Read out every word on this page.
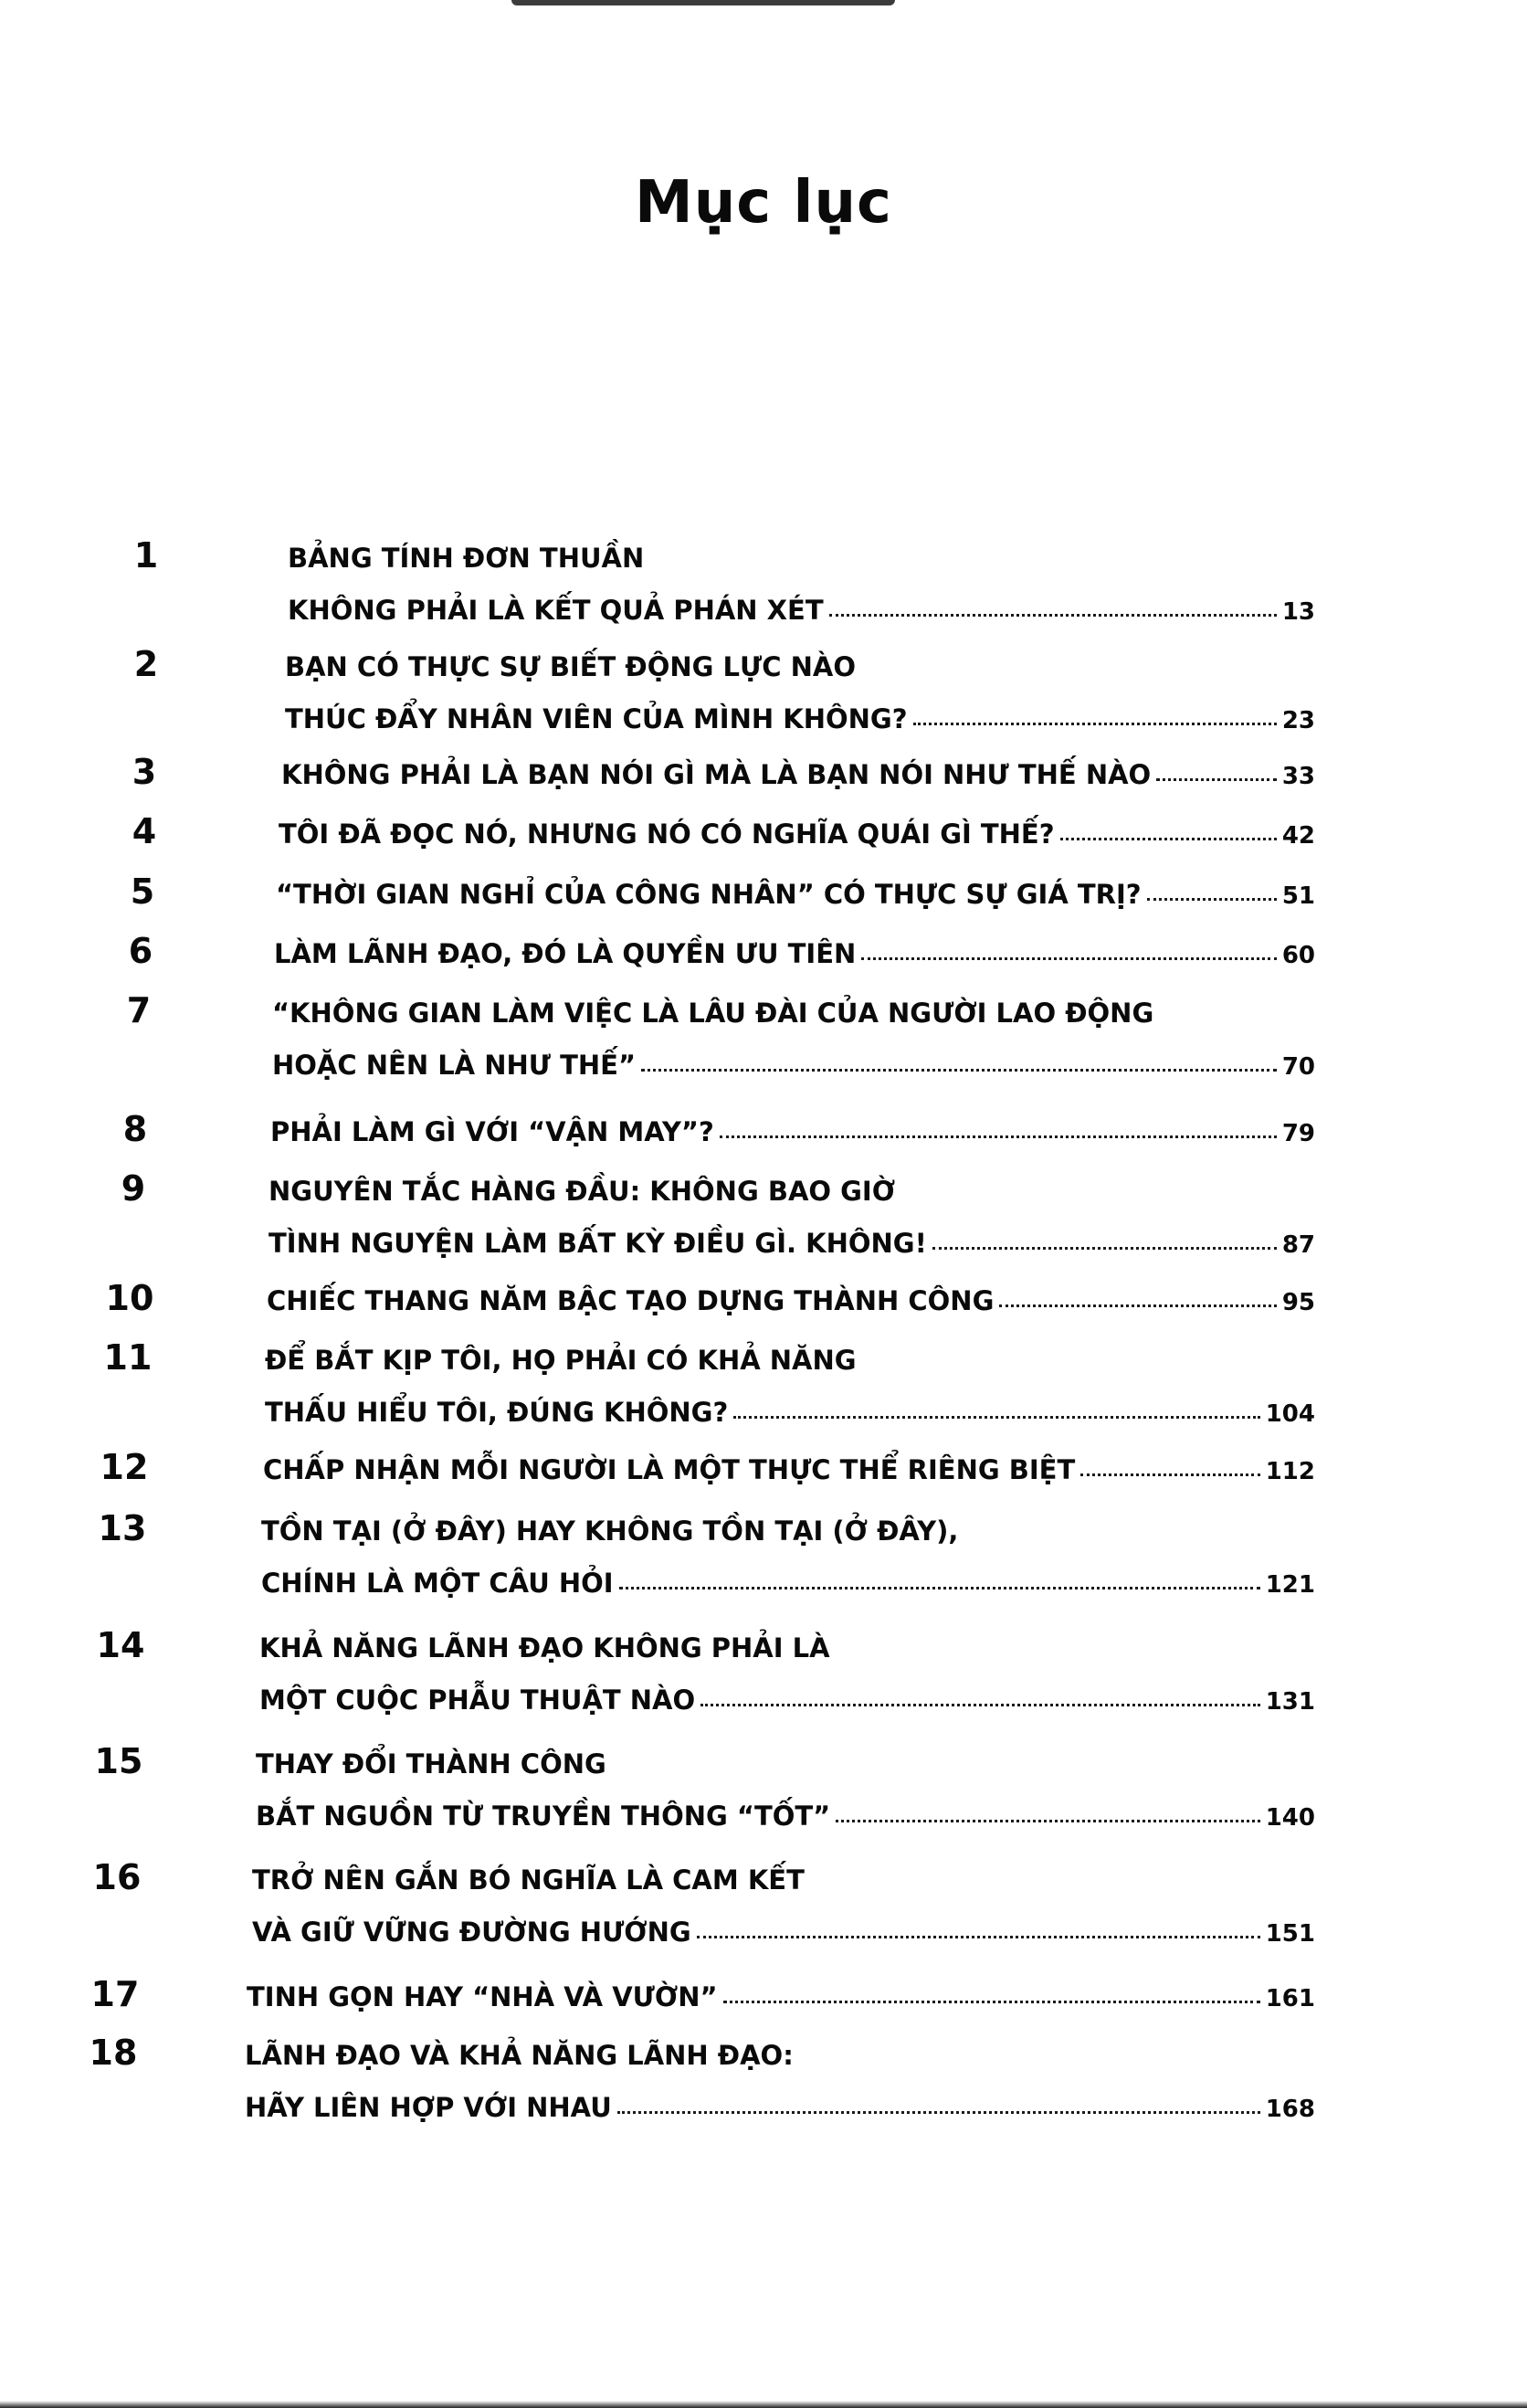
Mục lục
1	BẢNG TÍNH ĐƠN THUẦN
KHÔNG PHẢI LÀ KẾT QUẢ PHÁN XÉT	13
2	BẠN CÓ THỰC SỰ BIẾT ĐỘNG LỰC NÀO
THÚC ĐẨY NHÂN VIÊN CỦA MÌNH KHÔNG?	23
3	KHÔNG PHẢI LÀ BẠN NÓI GÌ MÀ LÀ BẠN NÓI NHƯ THẾ NÀO	33
4	TÔI ĐÃ ĐỌC NÓ, NHƯNG NÓ CÓ NGHĨA QUÁI GÌ THẾ?	42
5	“THỜI GIAN NGHỈ CỦA CÔNG NHÂN” CÓ THỰC SỰ GIÁ TRỊ?	51
6	LÀM LÃNH ĐẠO, ĐÓ LÀ QUYỀN ƯU TIÊN	60
7	“KHÔNG GIAN LÀM VIỆC LÀ LÂU ĐÀI CỦA NGƯỜI LAO ĐỘNG
HOẶC NÊN LÀ NHƯ THẾ”	70
8	PHẢI LÀM GÌ VỚI “VẬN MAY”?	79
9	NGUYÊN TẮC HÀNG ĐẦU: KHÔNG BAO GIỜ
TÌNH NGUYỆN LÀM BẤT KỲ ĐIỀU GÌ. KHÔNG!	87
10	CHIẾC THANG NĂM BẬC TẠO DỰNG THÀNH CÔNG	95
11	ĐỂ BẮT KỊP TÔI, HỌ PHẢI CÓ KHẢ NĂNG
THẤU HIỂU TÔI, ĐÚNG KHÔNG?	104
12	CHẤP NHẬN MỖI NGƯỜI LÀ MỘT THỰC THỂ RIÊNG BIỆT	112
13	TỒN TẠI (Ở ĐÂY) HAY KHÔNG TỒN TẠI (Ở ĐÂY),
CHÍNH LÀ MỘT CÂU HỎI	121
14	KHẢ NĂNG LÃNH ĐẠO KHÔNG PHẢI LÀ
MỘT CUỘC PHẪU THUẬT NÀO	131
15	THAY ĐỔI THÀNH CÔNG
BẮT NGUỒN TỪ TRUYỀN THÔNG “TỐT”	140
16	TRỞ NÊN GẮN BÓ NGHĨA LÀ CAM KẾT
VÀ GIỮ VỮNG ĐƯỜNG HƯỚNG	151
17	TINH GỌN HAY “NHÀ VÀ VƯỜN”	161
18	LÃNH ĐẠO VÀ KHẢ NĂNG LÃNH ĐẠO:
HÃY LIÊN HỢP VỚI NHAU	168
